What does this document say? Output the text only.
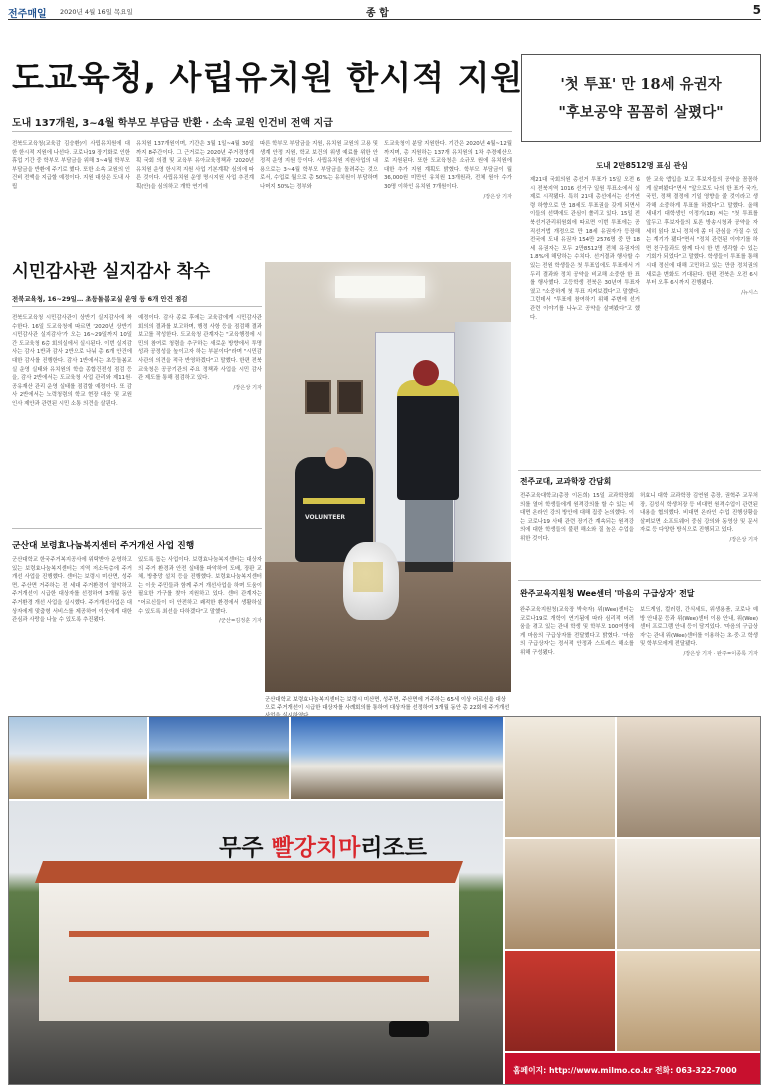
전주매일 2020년 4월 16일 목요일	종 합	5
도교육청, 사립유치원 한시적 지원
도내 137개원, 3~4월 학부모 부담금 반환 · 소속 교원 인건비 전액 지급

전북도교육청(교육감 김승환)이 사립유치원에 대한 한시적 지원에 나선다. 코로나19 장기화로 인한 휴업 기간 중 학부모 부담금을 위해 3~4월 학부모 부담금을 반환에 주기로 했다. 또한 소속 교원의 인건비 전액을 지급할 예정이다. 지원 대상은 도내 사립

유치원 137개원이며, 기간은 3월 1일~4월 30일까지 8주간이다. 그 근거로는 2020년 주거경영계획 국회 의결 및 교육부 유아교육정책과 '2020년 유치원 운영 한시적 지원 사업 기본계획' 심의에 따른 것이다. 사립유치원 운영 명시지원 사업 추진계획(안)을 심의하고 개학 연기에

따른 학부모 부담금을 지원, 유치원 교원의 고용 및 생계 안정 지원, 학교 보건의 위생 예료를 위한 안정적 운영 지원 등이다. 사립유치원 지원사업의 내용으로는 3~4월 학부모 부담금을 돌려주는 것으로서, 수업료 월으로 총 50%는 유치원이 부담하며 나머지 50%는 정부와

도교육청이 분담 지원한다. 기간은 2020년 4월~12월까지며, 총 지원하는 137개 유치원의 1차 추경예산으로 지원된다. 또한 도교육청은 소규모 원에 유치원에 대한 추가 지원 계획도 밝혔다. 학부모 부담금이 월 36,000원 미만인 유치원 13개원과, 전체 원아 수가 30명 이하인 유치원 7개원이다.

/장은상 기자
'첫 투표' 만 18세 유권자
"후보공약 꼼꼼히 살폈다"
도내 2만8512명 표심 관심

제21대 국회의원 총선거 투표가 15일 오전 6시 전북지역 1016 선거구 일원 투표소에서 실제로 시작됐다. 특히 21대 총선에서는 선거연령 하향으로 만 18세도 투표권을 갖게 되면서 이들의 선택에도 관심이 쏠리고 있다. 15일 전북선거관리위원회에 따르면 이번 투표에는 공직선거법 개정으로 만 18세 유권자가 등장해 전국에 도내 유권자 154만 2576명 중 만 18세 유권자는 모두 2만8512명 전체 유권자의 1.8%에 해당하는 수치다. 선거결과 행사할 수 있는 전원 학생들은 첫 투표입에도 투표에서 거두리 결과와 정치 공약을 비교해 소중한 한 표를 행사했다. 고등학생 전북은 30년여 투표자였고 "소중하게 첫 투표 지켜보겠다"고 말했다. 그런데서 "투표에 참여하기 위해 주변에 선거 관련 이야기를 나누고 공약을 살펴봤다"고 했다.

한 교육 앱입을 보고 후보자들의 공약을 꼼꼼하게 살펴봤다"면서 "앞으로도 나의 한 표가 국가, 국민, 정책 결정에 기일 영향을 줄 것이라고 생각해 소중하게 투표를 하겠다"고 말했다. 올해 새내기 대학생인 이정기(18) 씨는 "첫 투표를 앞두고 후보자들의 토론 방송시청과 공약을 자세히 읽다 보니 정치에 좀 더 관심을 가질 수 있는 계기가 됐다"면서 "정치 관련된 이야기를 하면 친구들과도 함께 다시 한 번 생각할 수 있는 기회가 되었다"고 말했다. 학생들이 투표를 통해 시대 정신에 대해 고민하고 있는 만큼 정치권의 새로운 변화도 기대된다. 한편 전북은 오전 6시부터 오후 6시까지 진행됐다.

/뉴시스
시민감사관 실지감사 착수
전북교육청, 16~29일… 초등돌봄교실 운영 등 6개 안건 점검

전북도교육청 시민감사관이 상반기 실지감사에 착수한다. 16일 도교육청에 따르면 '2020년 상반기 시민감사관 실지감사'가 오는 16~29일까지 10일간 도교육청 6층 회의실에서 실시된다. 이번 실지감사는 감사 1반과 감사 2반으로 나눠 총 6개 안건에 대한 감사를 진행한다. 감사 1반에서는 초등돌봄교실 운영 실태와 유치원의 학습 종합건전성 점검 등을, 감사 2반에서는 도교육청 사업 관리와 제11원·공유재산 관리 운영 실태를 점검할 예정이다. 또 감사 2반에서는 노력청렴의 학교 현장 대응 및 교원 인사 제안과 관련된 시민 소통 의견을 살핀다.

예정이다. 감사 종료 후에는 교육감에게 시민감사관회의의 결과를 보고하며, 행정 사항 등을 점검해 결과보고를 작성한다. 도교육청 관계자는 "교육행정에 시민의 참여로 청렴을 추구하는 새로운 방향에서 투명성과 공정성을 높이고자 하는 부분이다"라며 "시민감사관의 의견을 적극 반영하겠다"고 말했다. 한편 전북교육청은 공공기관의 주요 정책과 사업을 시민 감사관 제도를 통해 점검하고 있다.

/장은상 기자
군산대 보령효나눔복지센터 주거개선 사업 진행

군산대학교 한국주거복지공사에 위탁받아 운영하고 있는 보령효나눔복지센터는 지역 저소득층에 주거개선 사업을 진행했다. 센터는 보령시 미산면, 성주면, 주산면 거주하는 전 세대 주거환경이 열악하고 주거개선이 시급한 대상자를 선정하여 3개월 동안 주거환경 개선 사업을 실시했다. 주거개선사업은 대상자에게 맞춤형 서비스를 제공하여 이웃에게 대한 관심과 사랑을 나눌 수 있도록 추진됐다.

있도록 돕는 사업이다. 보령효나눔복지센터는 대상자의 주거 환경과 안전 실태를 파악하여 도배, 장판 교체, 방충망 설치 등을 진행했다. 보령효나눔복지센터는 이웃 주민들과 함께 주거 개선사업을 하며 도움이 필요한 가구를 찾아 지원하고 있다. 센터 관계자는 "어르신들이 더 안전하고 쾌적한 환경에서 생활하실 수 있도록 최선을 다하겠다"고 말했다.

/군산=김정훈 기자
VOLUNTEER

군산대학교 보령효나눔복지센터는 보령시 미산면, 성주면, 주산면에 거주하는 65세 이상 어르신을 대상으로 주거개선이 시급한 대상자를 사례회의를 통하여 대상자를 선정하여 3개월 동안 총 22회에 주거개선

전주교대, 교과학장 간담회

전주교육대학교(총장 이돈희) 15일 교과학장회의를 열어 학생들에게 원격강의를 할 수 있는 비대면 온라인 강의 방안에 대해 집중 논의했다. 이는 코로나19 사태 관련 장기간 계속되는 원격강의에 대한 학생들의 불편 해소와 질 높은 수업을 위한 것이다.

허효니 대학 교과학장 김연원 총장, 권혁주 교무처장, 김성식 학생처장 등 비대면 원격수업이 관련된 내용을 협의했다. 비대면 온라인 수업 진행상황을 살펴보면 소프트웨어 중심 강의와 동영상 및 문서 자료 등 다양한 방식으로 진행되고 있다.

/장은상 기자
완주교육지원청 Wee센터 '마음의 구급상자' 전달

완주교육지원청(교육장 박숙자) 위(Wee)센터는 코로나19로 개학이 연기됨에 따라 심리적 어려움을 겪고 있는 관내 학생 및 학부모 100여명에게 마음의 구급상자를 전달했다고 밝혔다. '마음의 구급상자'는 정서적 안정과 스트레스 해소를 위해 구성됐다.

보드게임, 컬러링, 간식세트, 위생용품, 코로나 예방 안내문 등과 위(Wee)센터 이용 안내, 위(Wee)센터 프로그램 안내 등이 담겨있다. '마음의 구급상자'는 관내 위(Wee)센터를 이용하는 초·중·고 학생 및 학부모에게 전달됐다.

/장은상 기자 · 완주=이종록 기자
무주 빨강치마리조트
홈페이지: http://www.milmo.co.kr 전화: 063-322-7000
